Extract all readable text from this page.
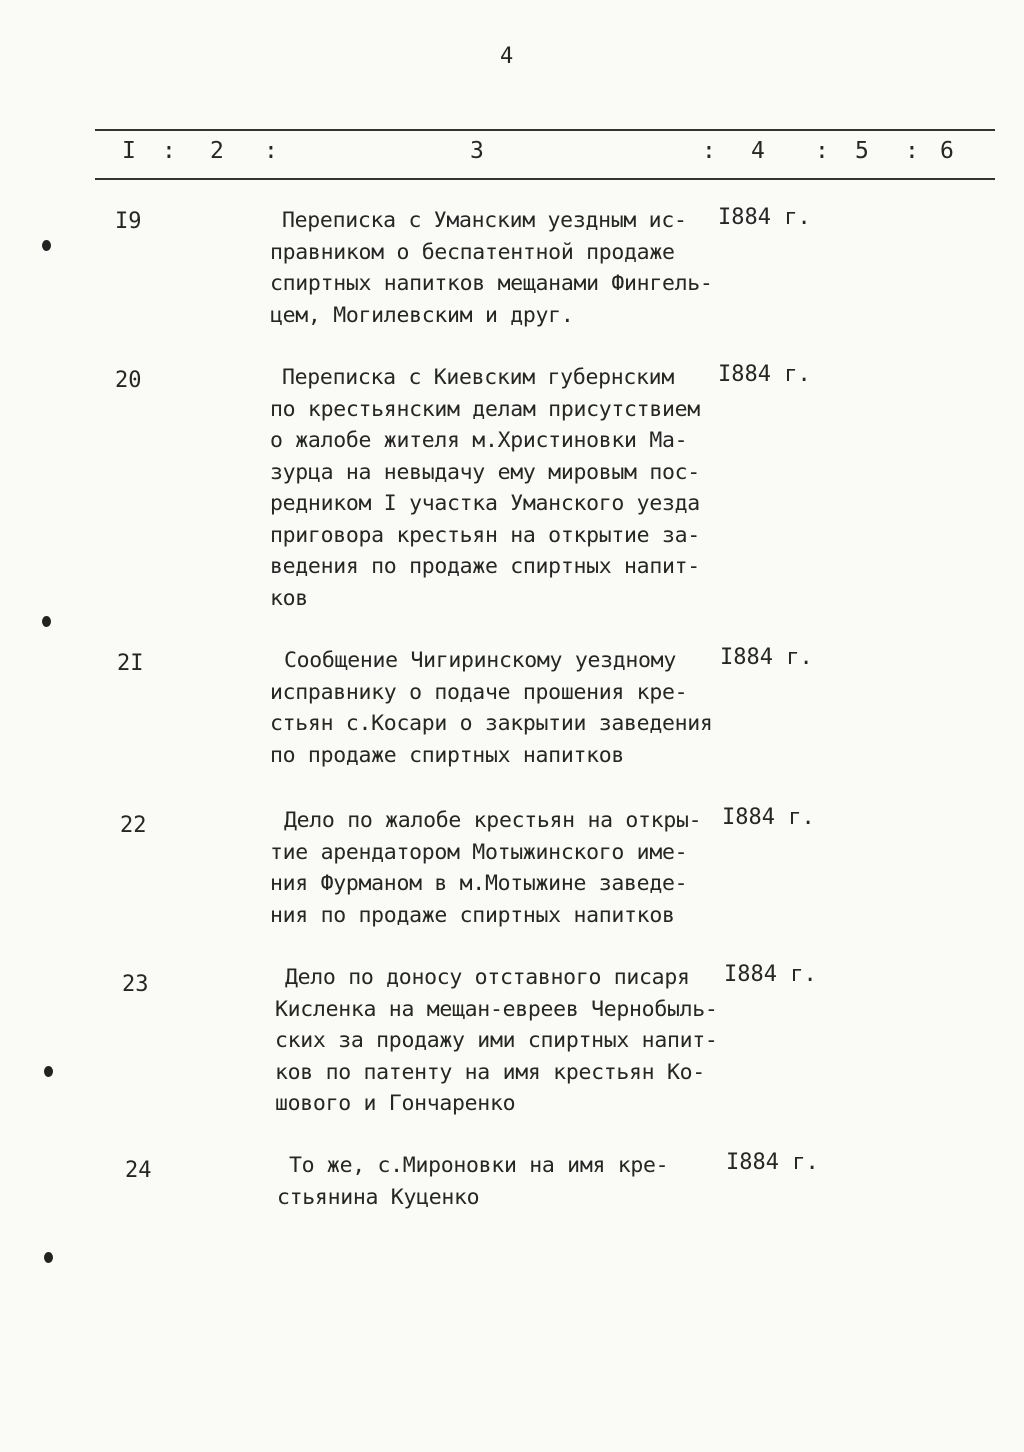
4
I : 2 :	3	: 4 : 5 : 6
I9	Переписка с Уманским уездным ис-
правником о беспатентной продаже
спиртных напитков мещанами Фингель-
цем, Могилевским и друг.
I884 г.
20	Переписка с Киевским губернским
по крестьянским делам присутствием
о жалобе жителя м.Христиновки Ма-
зурца на невыдачу ему мировым пос-
редником I участка Уманского уезда
приговора крестьян на открытие за-
ведения по продаже спиртных напит-
ков
I884 г.
2I	Сообщение Чигиринскому уездному
исправнику о подаче прошения кре-
стьян с.Косари о закрытии заведения
по продаже спиртных напитков
I884 г.
22	Дело по жалобе крестьян на откры-
тие арендатором Мотыжинского име-
ния Фурманом в м.Мотыжине заведе-
ния по продаже спиртных напитков
I884 г.
23	Дело по доносу отставного писаря
Кисленка на мещан-евреев Чернобыль-
ских за продажу ими спиртных напит-
ков по патенту на имя крестьян Ко-
шового и Гончаренко
I884 г.
24	То же, с.Мироновки на имя кре-
стьянина Куценко
I884 г.
